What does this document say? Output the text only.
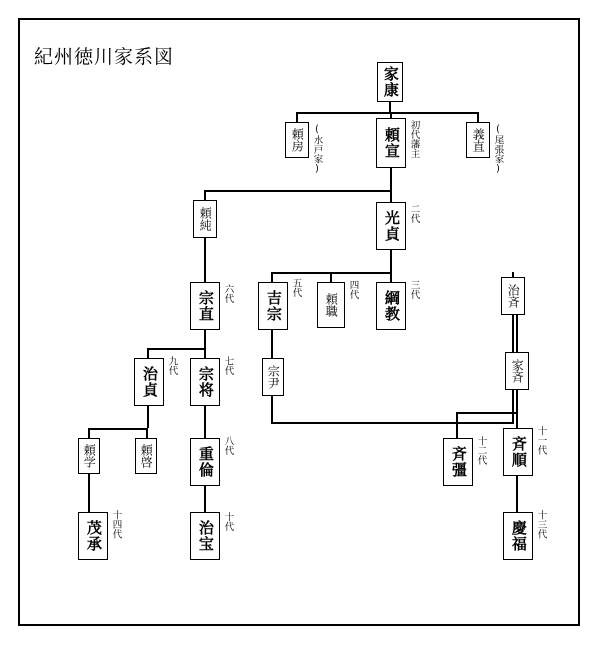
紀州徳川家系図
家康
頼房 (水戸家)	頼宣 初代藩主	義直 (尾張家)
頼純	光貞 二代
宗直 六代 吉宗
五代
頼職
四代
綱教
三代	治斉
治貞
九代
宗将
七代	宗尹	家斉
頼学	頼啓	重倫
八代
斉彊 十二代 斉順 十一代
茂承 十四代	治宝 十代	慶福 十三代
